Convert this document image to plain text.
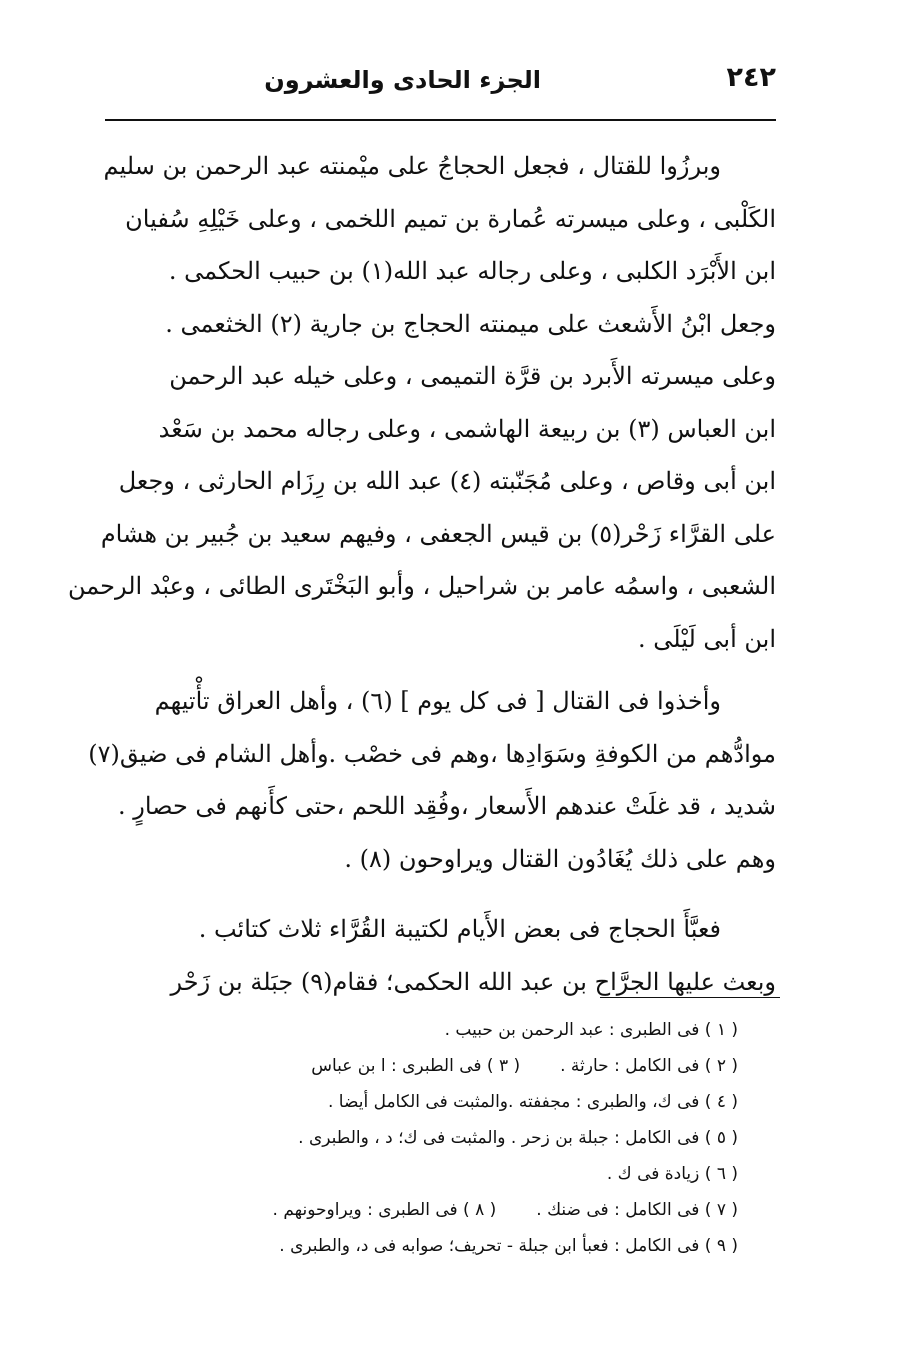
٢٤٢
الجزء الحادى والعشرون

وبرزُوا للقتال ، فجعل الحجاجُ على ميْمنته عبد الرحمن بن سليم
الكَلْبى ، وعلى ميسرته عُمارة بن تميم اللخمى ، وعلى خَيْلِهِ سُفيان
ابن الأَبْرَد الكلبى ، وعلى رجاله عبد الله(١) بن حبيب الحكمى .
وجعل ابْنُ الأَشعث على ميمنته الحجاج بن جارية (٢) الخثعمى .
وعلى ميسرته الأَبرد بن قرَّة التميمى ، وعلى خيله عبد الرحمن
ابن العباس (٣) بن ربيعة الهاشمى ، وعلى رجاله محمد بن سَعْد
ابن أبى وقاص ، وعلى مُجَنّبته (٤) عبد الله بن رِزَام الحارثى ، وجعل
على القرَّاء زَحْر(٥) بن قيس الجعفى ، وفيهم سعيد بن جُبير بن هشام
الشعبى ، واسمُه عامر بن شراحيل ، وأبو البَخْتَرى الطائى ، وعبْد الرحمن
ابن أبى لَيْلَى .

وأخذوا فى القتال [ فى كل يوم ] (٦) ، وأهل العراق تأْتيهم
موادُّهم من الكوفةِ وسَوَادِها ،وهم فى خصْب .وأهل الشام فى ضيق(٧)
شديد ، قد غلَتْ عندهم الأَسعار ،وفُقِد اللحم ،حتى كأَنهم فى حصارٍ .
وهم على ذلك يُغَادُون القتال ويراوحون (٨) .

فعبَّأَ الحجاج فى بعض الأَيام لكتيبة القُرَّاء ثلاث كتائب .
وبعث عليها الجرَّاح بن عبد الله الحكمى؛ فقام(٩) جبَلة بن زَحْر

( ١ ) فى الطبرى : عبد الرحمن بن حبيب .
( ٢ ) فى الكامل : حارثة .
( ٣ ) فى الطبرى : ا بن عباس
( ٤ ) فى ك، والطبرى : مجففته .والمثبت فى الكامل أيضا .
( ٥ ) فى الكامل : جبلة بن زحر . والمثبت فى ك؛ د ، والطبرى .
( ٦ ) زيادة فى ك .
( ٧ ) فى الكامل : فى ضنك .
( ٨ ) فى الطبرى : ويراوحونهم .
( ٩ ) فى الكامل : فعبأ ابن جبلة - تحريف؛ صوابه فى د، والطبرى .
